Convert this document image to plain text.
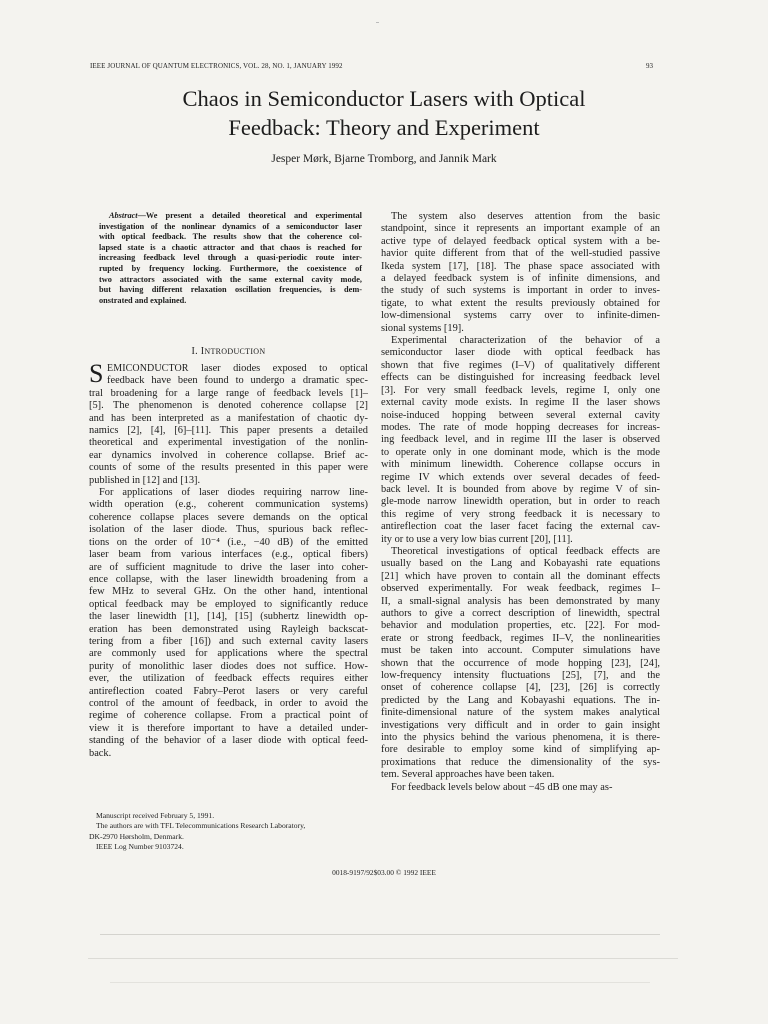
IEEE JOURNAL OF QUANTUM ELECTRONICS, VOL. 28, NO. 1, JANUARY 1992	93
Chaos in Semiconductor Lasers with Optical
Feedback: Theory and Experiment
Jesper Mørk, Bjarne Tromborg, and Jannik Mark
Abstract—We present a detailed theoretical and experimental
investigation of the nonlinear dynamics of a semiconductor laser
with optical feedback. The results show that the coherence col-
lapsed state is a chaotic attractor and that chaos is reached for
increasing feedback level through a quasi-periodic route inter-
rupted by frequency locking. Furthermore, the coexistence of
two attractors associated with the same external cavity mode,
but having different relaxation oscillation frequencies, is dem-
onstrated and explained.
I. INTRODUCTION
S EMICONDUCTOR laser diodes exposed to optical
feedback have been found to undergo a dramatic spec-
tral broadening for a large range of feedback levels [1]–
[5]. The phenomenon is denoted coherence collapse [2]
and has been interpreted as a manifestation of chaotic dy-
namics [2], [4], [6]–[11]. This paper presents a detailed
theoretical and experimental investigation of the nonlin-
ear dynamics involved in coherence collapse. Brief ac-
counts of some of the results presented in this paper were
published in [12] and [13].
For applications of laser diodes requiring narrow line-
width operation (e.g., coherent communication systems)
coherence collapse places severe demands on the optical
isolation of the laser diode. Thus, spurious back reflec-
tions on the order of 10⁻⁴ (i.e., −40 dB) of the emitted
laser beam from various interfaces (e.g., optical fibers)
are of sufficient magnitude to drive the laser into coher-
ence collapse, with the laser linewidth broadening from a
few MHz to several GHz. On the other hand, intentional
optical feedback may be employed to significantly reduce
the laser linewidth [1], [14], [15] (subhertz linewidth op-
eration has been demonstrated using Rayleigh backscat-
tering from a fiber [16]) and such external cavity lasers
are commonly used for applications where the spectral
purity of monolithic laser diodes does not suffice. How-
ever, the utilization of feedback effects requires either
antireflection coated Fabry–Perot lasers or very careful
control of the amount of feedback, in order to avoid the
regime of coherence collapse. From a practical point of
view it is therefore important to have a detailed under-
standing of the behavior of a laser diode with optical feed-
back.
Manuscript received February 5, 1991.
The authors are with TFL Telecommunications Research Laboratory,
DK-2970 Hørsholm, Denmark.
IEEE Log Number 9103724.
The system also deserves attention from the basic
standpoint, since it represents an important example of an
active type of delayed feedback optical system with a be-
havior quite different from that of the well-studied passive
Ikeda system [17], [18]. The phase space associated with
a delayed feedback system is of infinite dimensions, and
the study of such systems is important in order to inves-
tigate, to what extent the results previously obtained for
low-dimensional systems carry over to infinite-dimen-
sional systems [19].
Experimental characterization of the behavior of a
semiconductor laser diode with optical feedback has
shown that five regimes (I–V) of qualitatively different
effects can be distinguished for increasing feedback level
[3]. For very small feedback levels, regime I, only one
external cavity mode exists. In regime II the laser shows
noise-induced hopping between several external cavity
modes. The rate of mode hopping decreases for increas-
ing feedback level, and in regime III the laser is observed
to operate only in one dominant mode, which is the mode
with minimum linewidth. Coherence collapse occurs in
regime IV which extends over several decades of feed-
back level. It is bounded from above by regime V of sin-
gle-mode narrow linewidth operation, but in order to reach
this regime of very strong feedback it is necessary to
antireflection coat the laser facet facing the external cav-
ity or to use a very low bias current [20], [11].
Theoretical investigations of optical feedback effects are
usually based on the Lang and Kobayashi rate equations
[21] which have proven to contain all the dominant effects
observed experimentally. For weak feedback, regimes I–
II, a small-signal analysis has been demonstrated by many
authors to give a correct description of linewidth, spectral
behavior and modulation properties, etc. [22]. For mod-
erate or strong feedback, regimes II–V, the nonlinearities
must be taken into account. Computer simulations have
shown that the occurrence of mode hopping [23], [24],
low-frequency intensity fluctuations [25], [7], and the
onset of coherence collapse [4], [23], [26] is correctly
predicted by the Lang and Kobayashi equations. The in-
finite-dimensional nature of the system makes analytical
investigations very difficult and in order to gain insight
into the physics behind the various phenomena, it is there-
fore desirable to employ some kind of simplifying ap-
proximations that reduce the dimensionality of the sys-
tem. Several approaches have been taken.
For feedback levels below about −45 dB one may as-
0018-9197/92$03.00 © 1992 IEEE
